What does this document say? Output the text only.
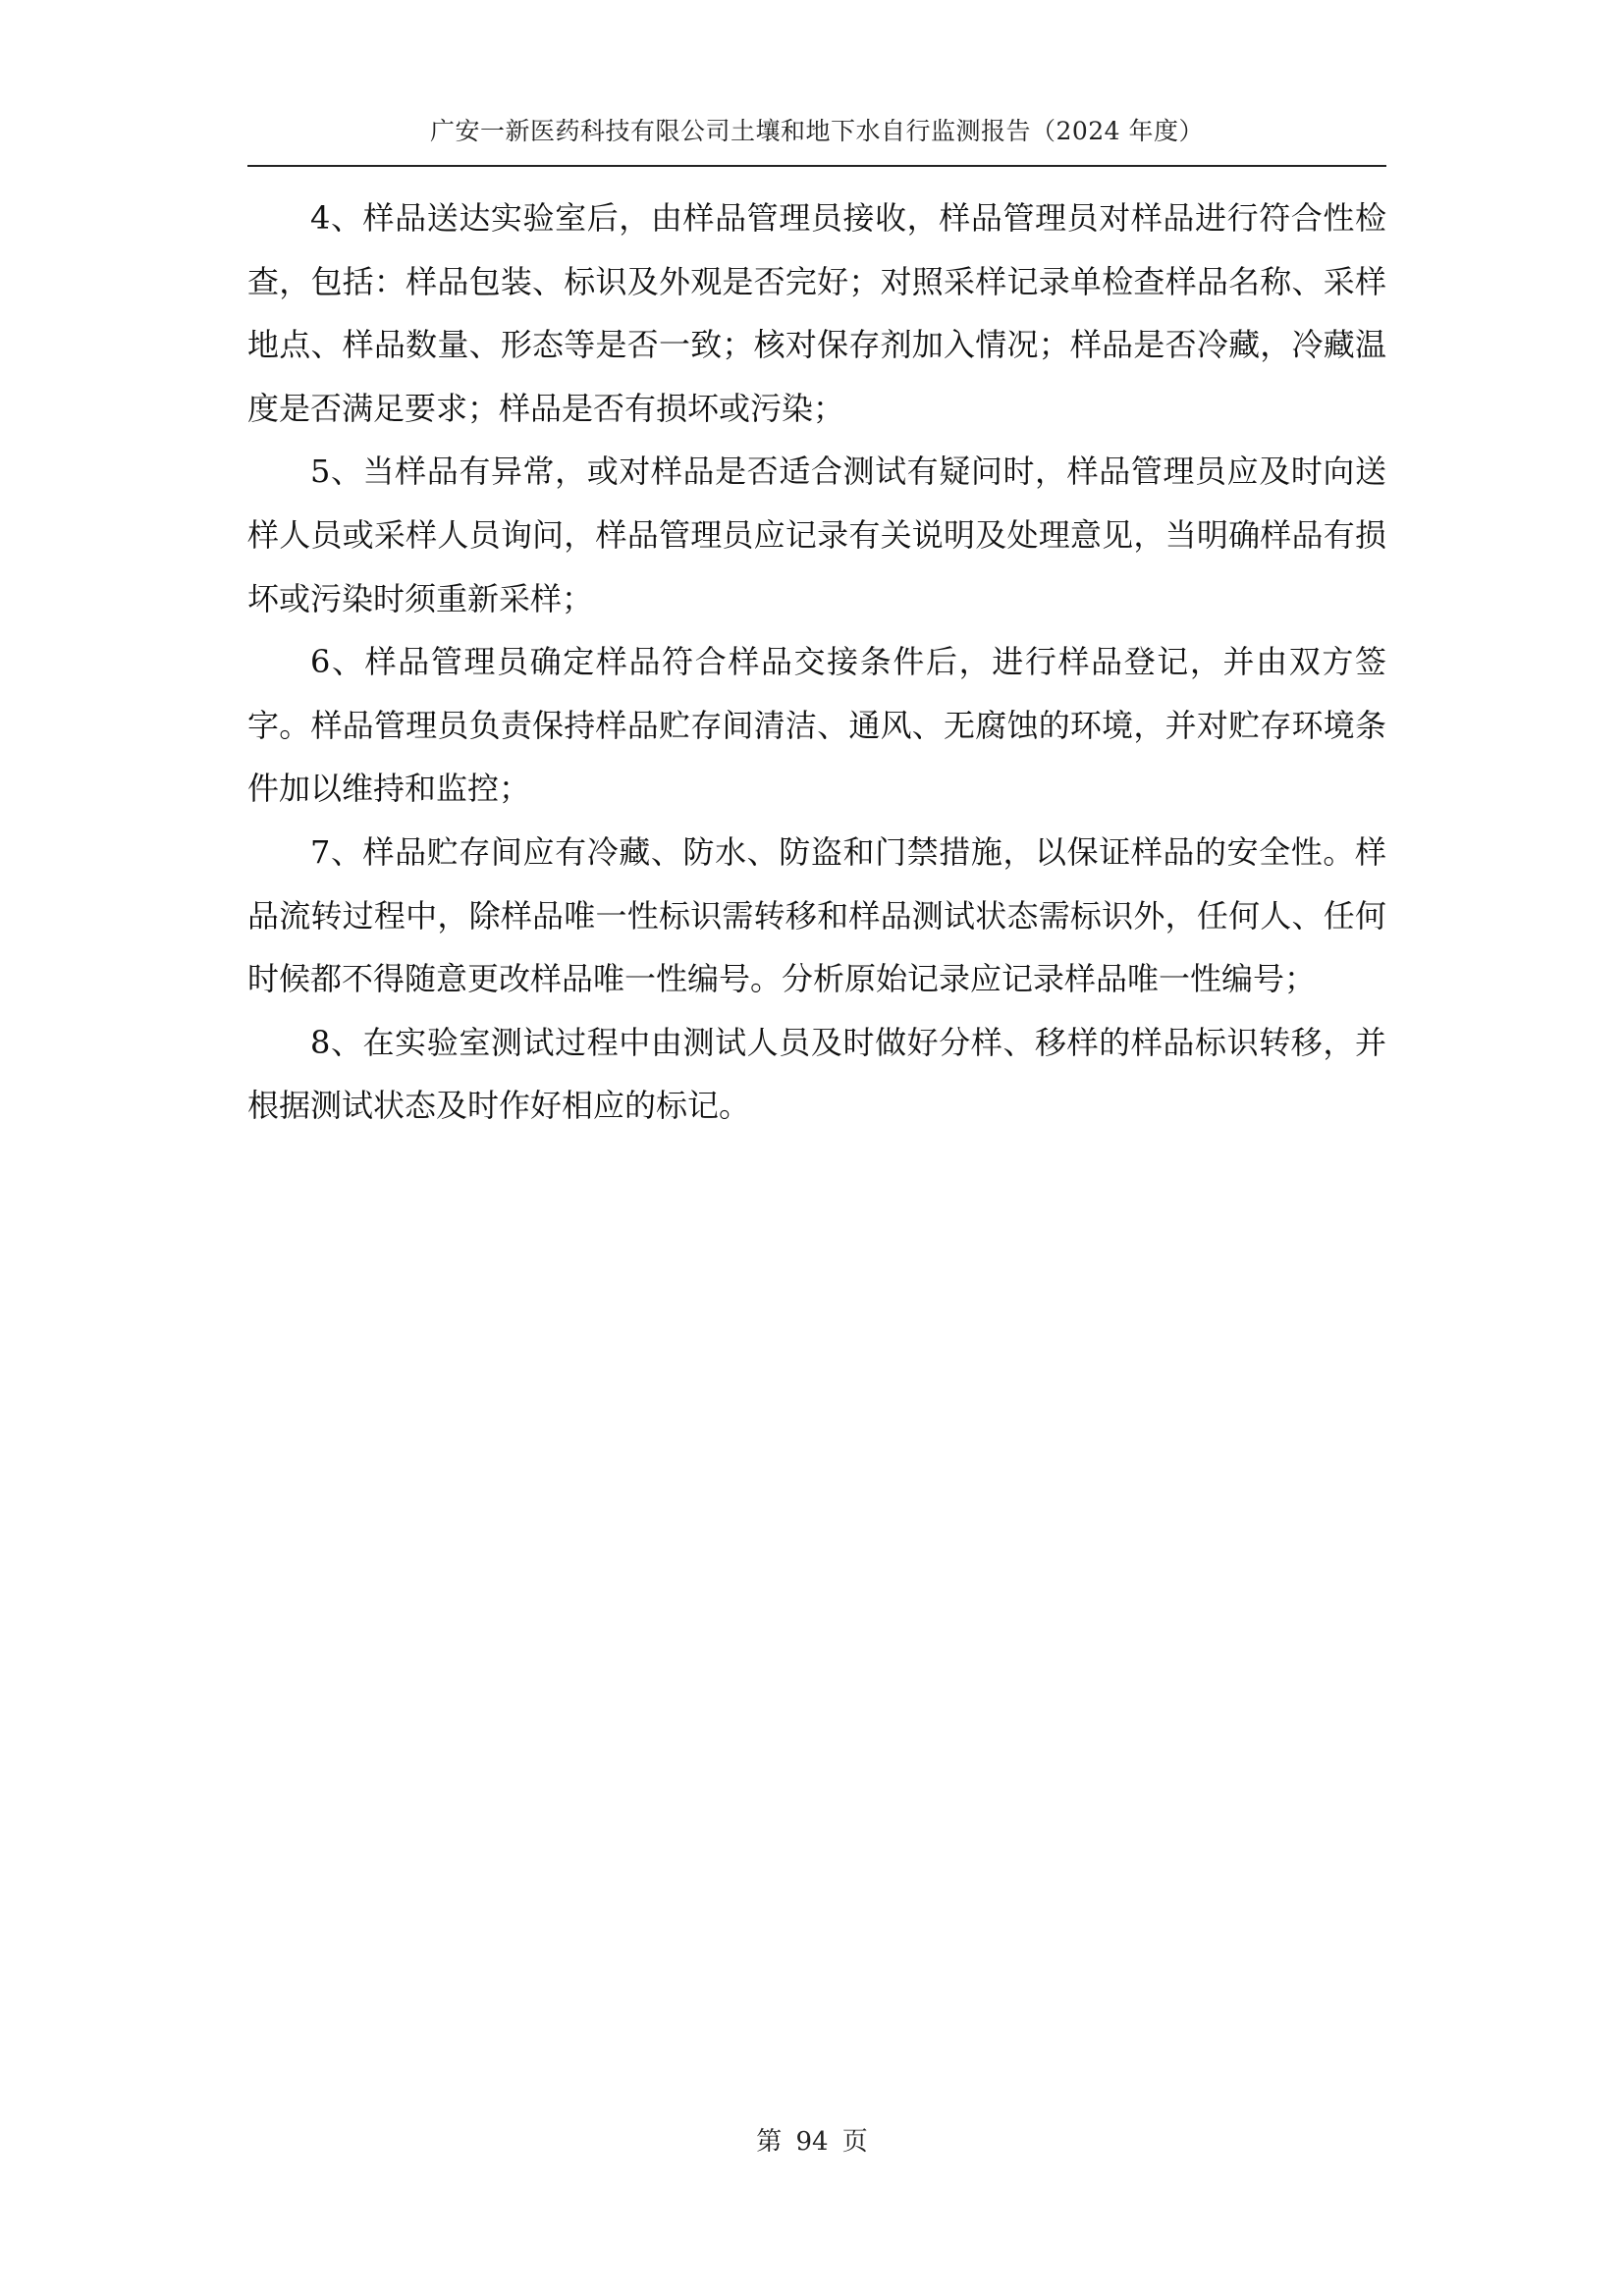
广安一新医药科技有限公司土壤和地下水自行监测报告（2024 年度）

4、样品送达实验室后，由样品管理员接收，样品管理员对样品进行符合性检查，包括：样品包装、标识及外观是否完好；对照采样记录单检查样品名称、采样地点、样品数量、形态等是否一致；核对保存剂加入情况；样品是否冷藏，冷藏温度是否满足要求；样品是否有损坏或污染；

5、当样品有异常，或对样品是否适合测试有疑问时，样品管理员应及时向送样人员或采样人员询问，样品管理员应记录有关说明及处理意见，当明确样品有损坏或污染时须重新采样；

6、样品管理员确定样品符合样品交接条件后，进行样品登记，并由双方签字。样品管理员负责保持样品贮存间清洁、通风、无腐蚀的环境，并对贮存环境条件加以维持和监控；

7、样品贮存间应有冷藏、防水、防盗和门禁措施，以保证样品的安全性。样品流转过程中，除样品唯一性标识需转移和样品测试状态需标识外，任何人、任何时候都不得随意更改样品唯一性编号。分析原始记录应记录样品唯一性编号；

8、在实验室测试过程中由测试人员及时做好分样、移样的样品标识转移，并根据测试状态及时作好相应的标记。

第 94 页
